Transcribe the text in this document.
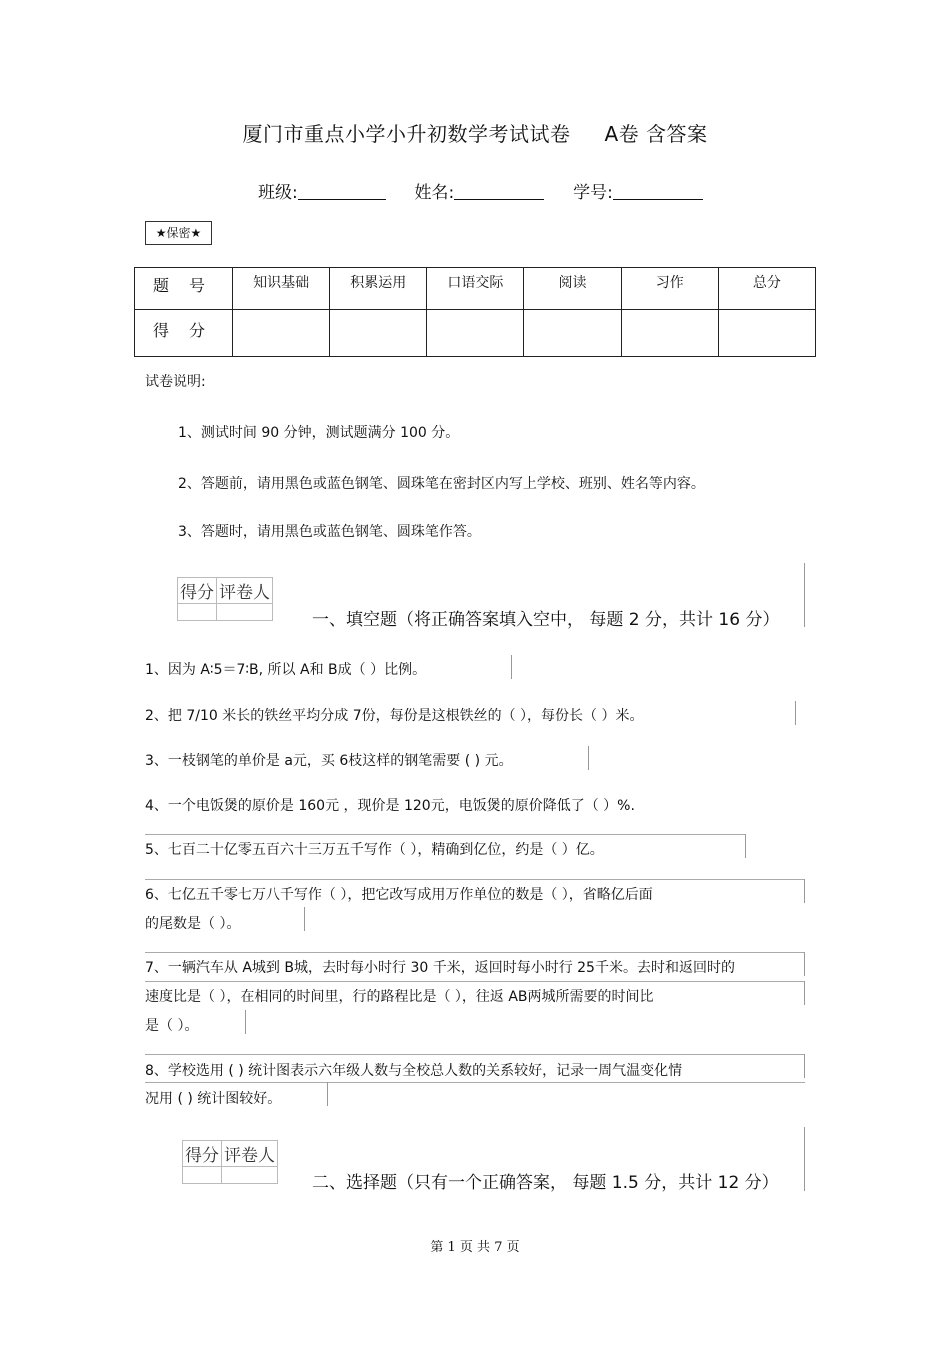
厦门市重点小学小升初数学考试试卷 A卷 含答案
班级:	姓名:	学号:
★保密★
题号	知识基础	积累运用	口语交际	阅读	习作	总分
得分						
试卷说明:
1、测试时间 90 分钟，测试题满分 100 分。
2、答题前，请用黑色或蓝色钢笔、圆珠笔在密封区内写上学校、班别、姓名等内容。
3、答题时，请用黑色或蓝色钢笔、圆珠笔作答。
得分	评卷人

一、填空题（将正确答案填入空中， 每题 2 分，共计 16 分）
1、因为 A∶5＝7∶B, 所以 A和 B成（ ）比例。
2、把 7/10 米长的铁丝平均分成 7份，每份是这根铁丝的（ ），每份长（ ）米。
3、一枝钢笔的单价是 a元，买 6枝这样的钢笔需要 ( ) 元。
4、一个电饭煲的原价是 160元 ，现价是 120元，电饭煲的原价降低了（ ）%.
5、七百二十亿零五百六十三万五千写作（ ），精确到亿位，约是（ ）亿。
6、七亿五千零七万八千写作（ ），把它改写成用万作单位的数是（ ），省略亿后面
的尾数是（ ）。
7、一辆汽车从 A城到 B城，去时每小时行 30 千米，返回时每小时行 25千米。去时和返回时的
速度比是（ ），在相同的时间里，行的路程比是（ ），往返 AB两城所需要的时间比
是（ ）。
8、学校选用 ( ) 统计图表示六年级人数与全校总人数的关系较好，记录一周气温变化情
况用 ( ) 统计图较好。
得分	评卷人

二、选择题（只有一个正确答案， 每题 1.5 分，共计 12 分）
第 1 页 共 7 页
